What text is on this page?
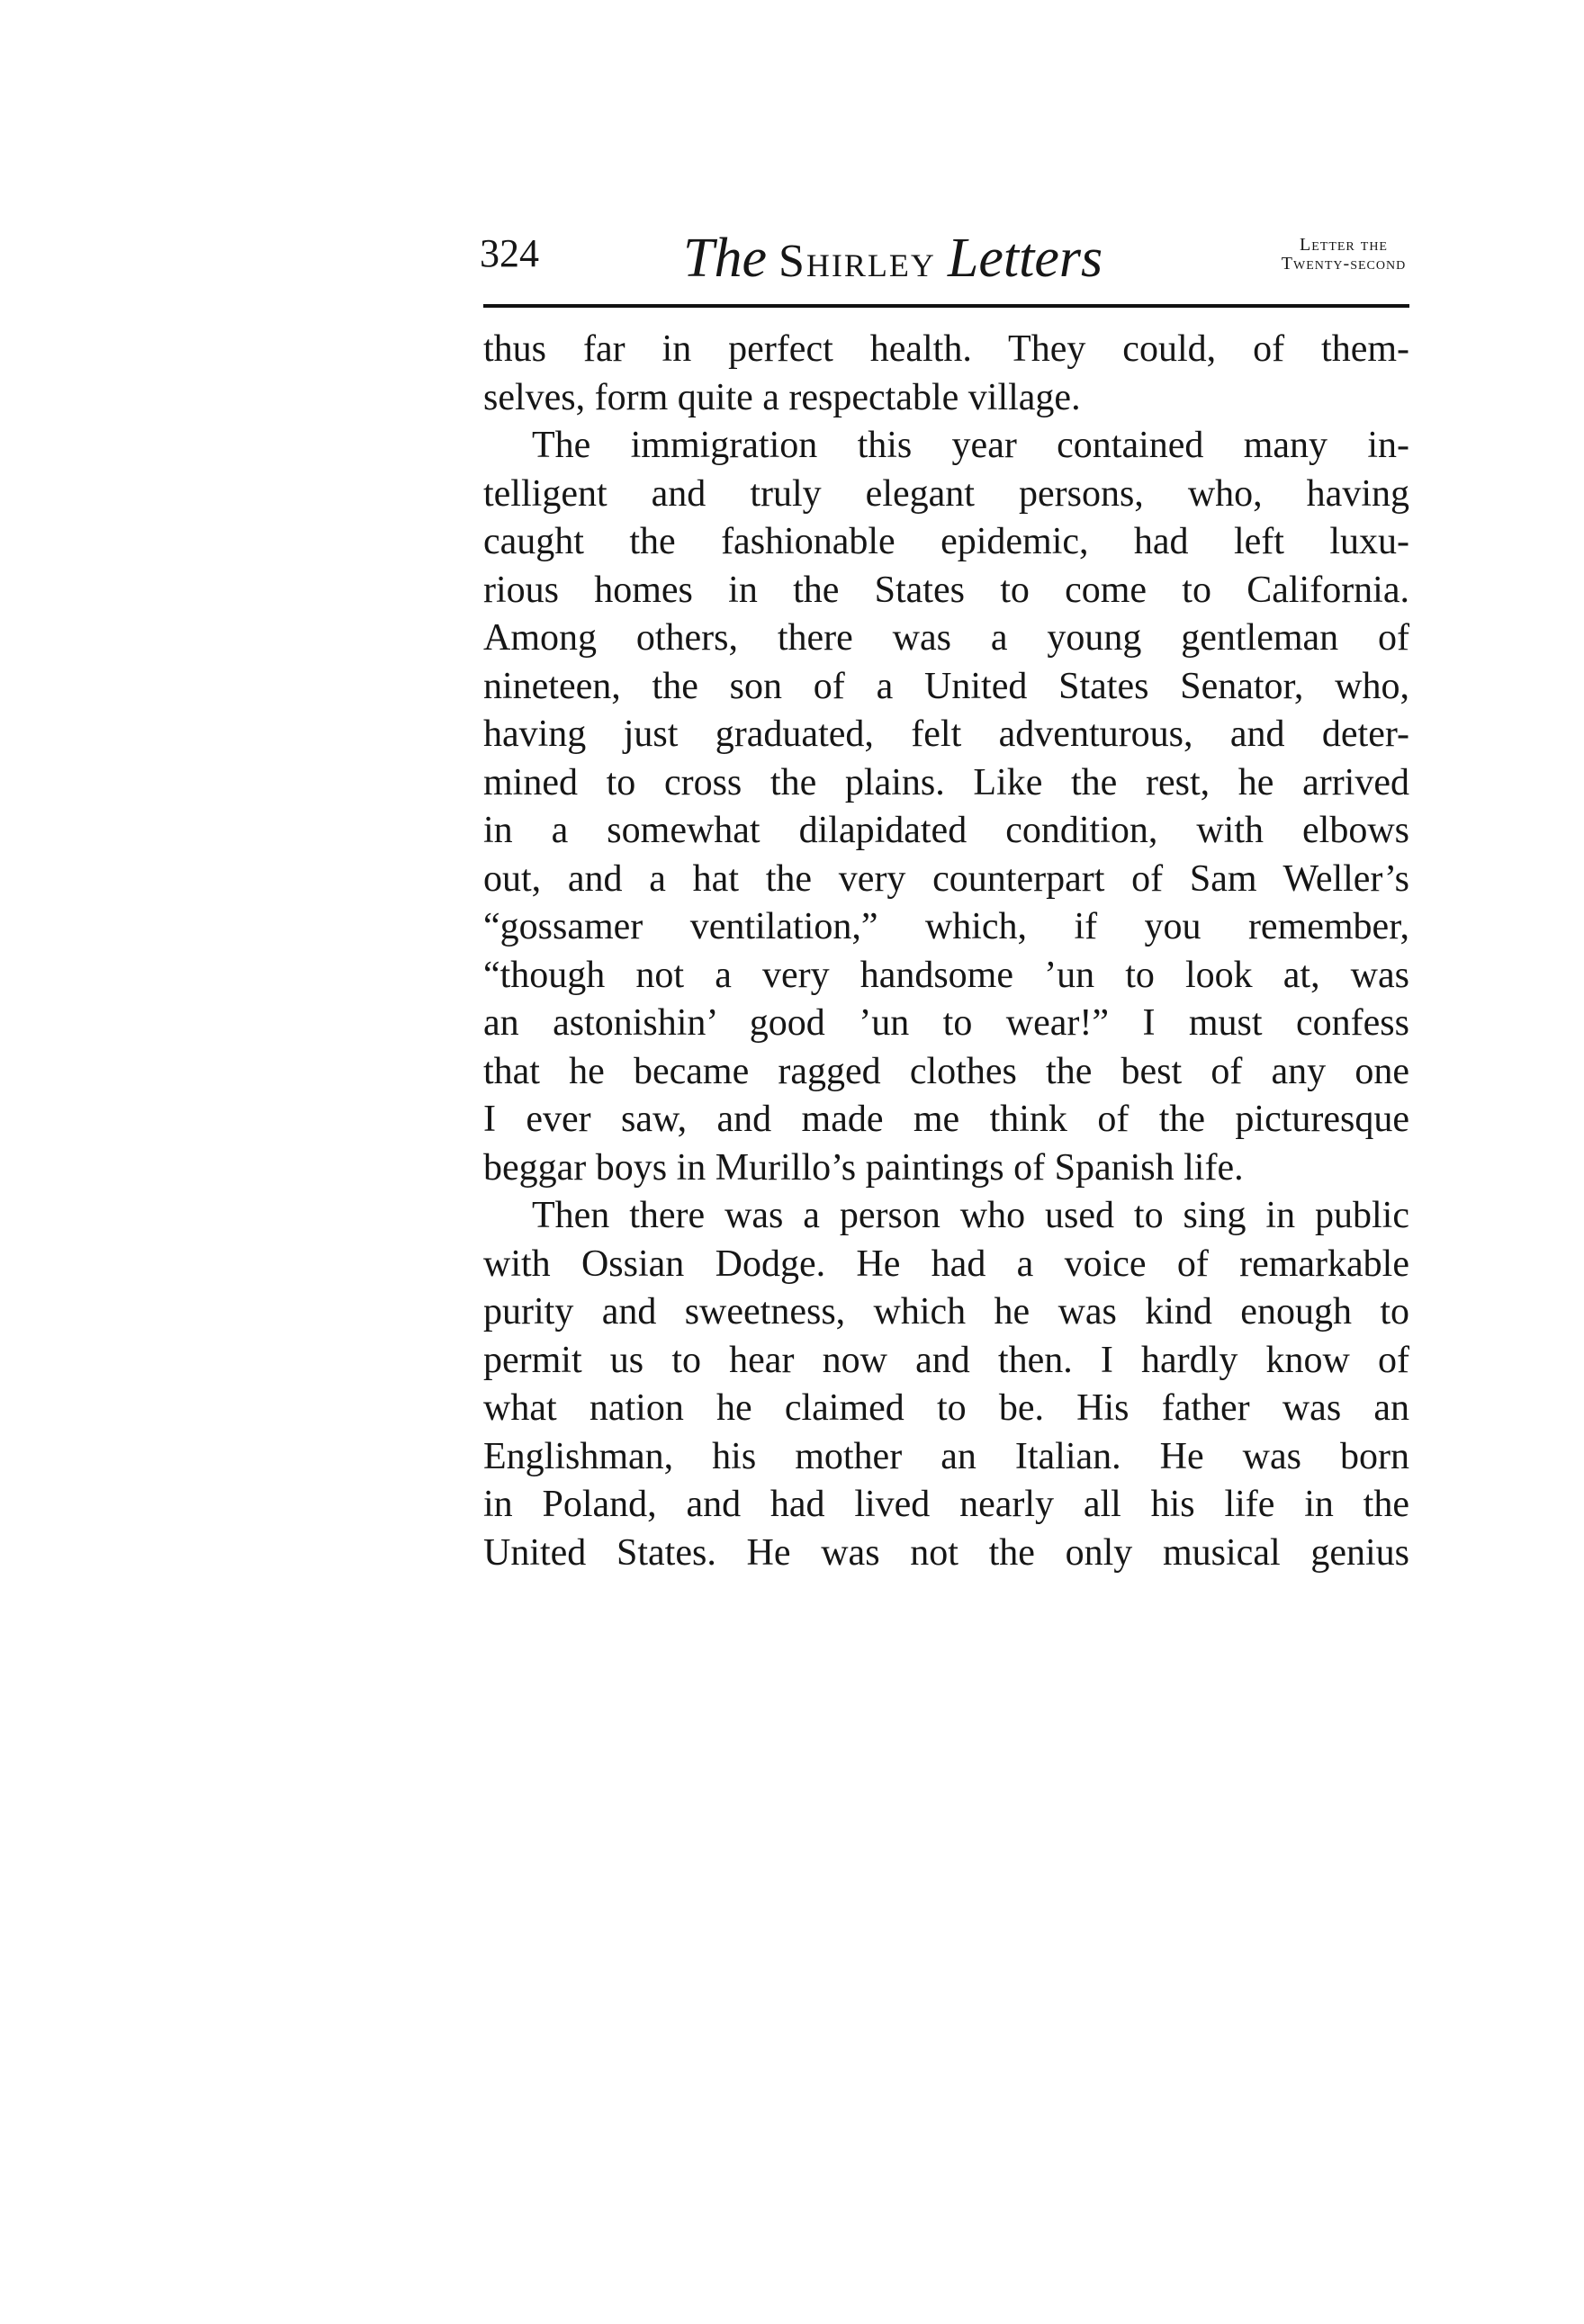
324	The Shirley Letters	Letter the
Twenty-second
thus far in perfect health. They could, of them-
selves, form quite a respectable village.
The immigration this year contained many in-
telligent and truly elegant persons, who, having
caught the fashionable epidemic, had left luxu-
rious homes in the States to come to California.
Among others, there was a young gentleman of
nineteen, the son of a United States Senator, who,
having just graduated, felt adventurous, and deter-
mined to cross the plains. Like the rest, he arrived
in a somewhat dilapidated condition, with elbows
out, and a hat the very counterpart of Sam Weller’s
“gossamer ventilation,” which, if you remember,
“though not a very handsome ’un to look at, was
an astonishin’ good ’un to wear!” I must confess
that he became ragged clothes the best of any one
I ever saw, and made me think of the picturesque
beggar boys in Murillo’s paintings of Spanish life.
Then there was a person who used to sing in public
with Ossian Dodge. He had a voice of remarkable
purity and sweetness, which he was kind enough to
permit us to hear now and then. I hardly know of
what nation he claimed to be. His father was an
Englishman, his mother an Italian. He was born
in Poland, and had lived nearly all his life in the
United States. He was not the only musical genius
